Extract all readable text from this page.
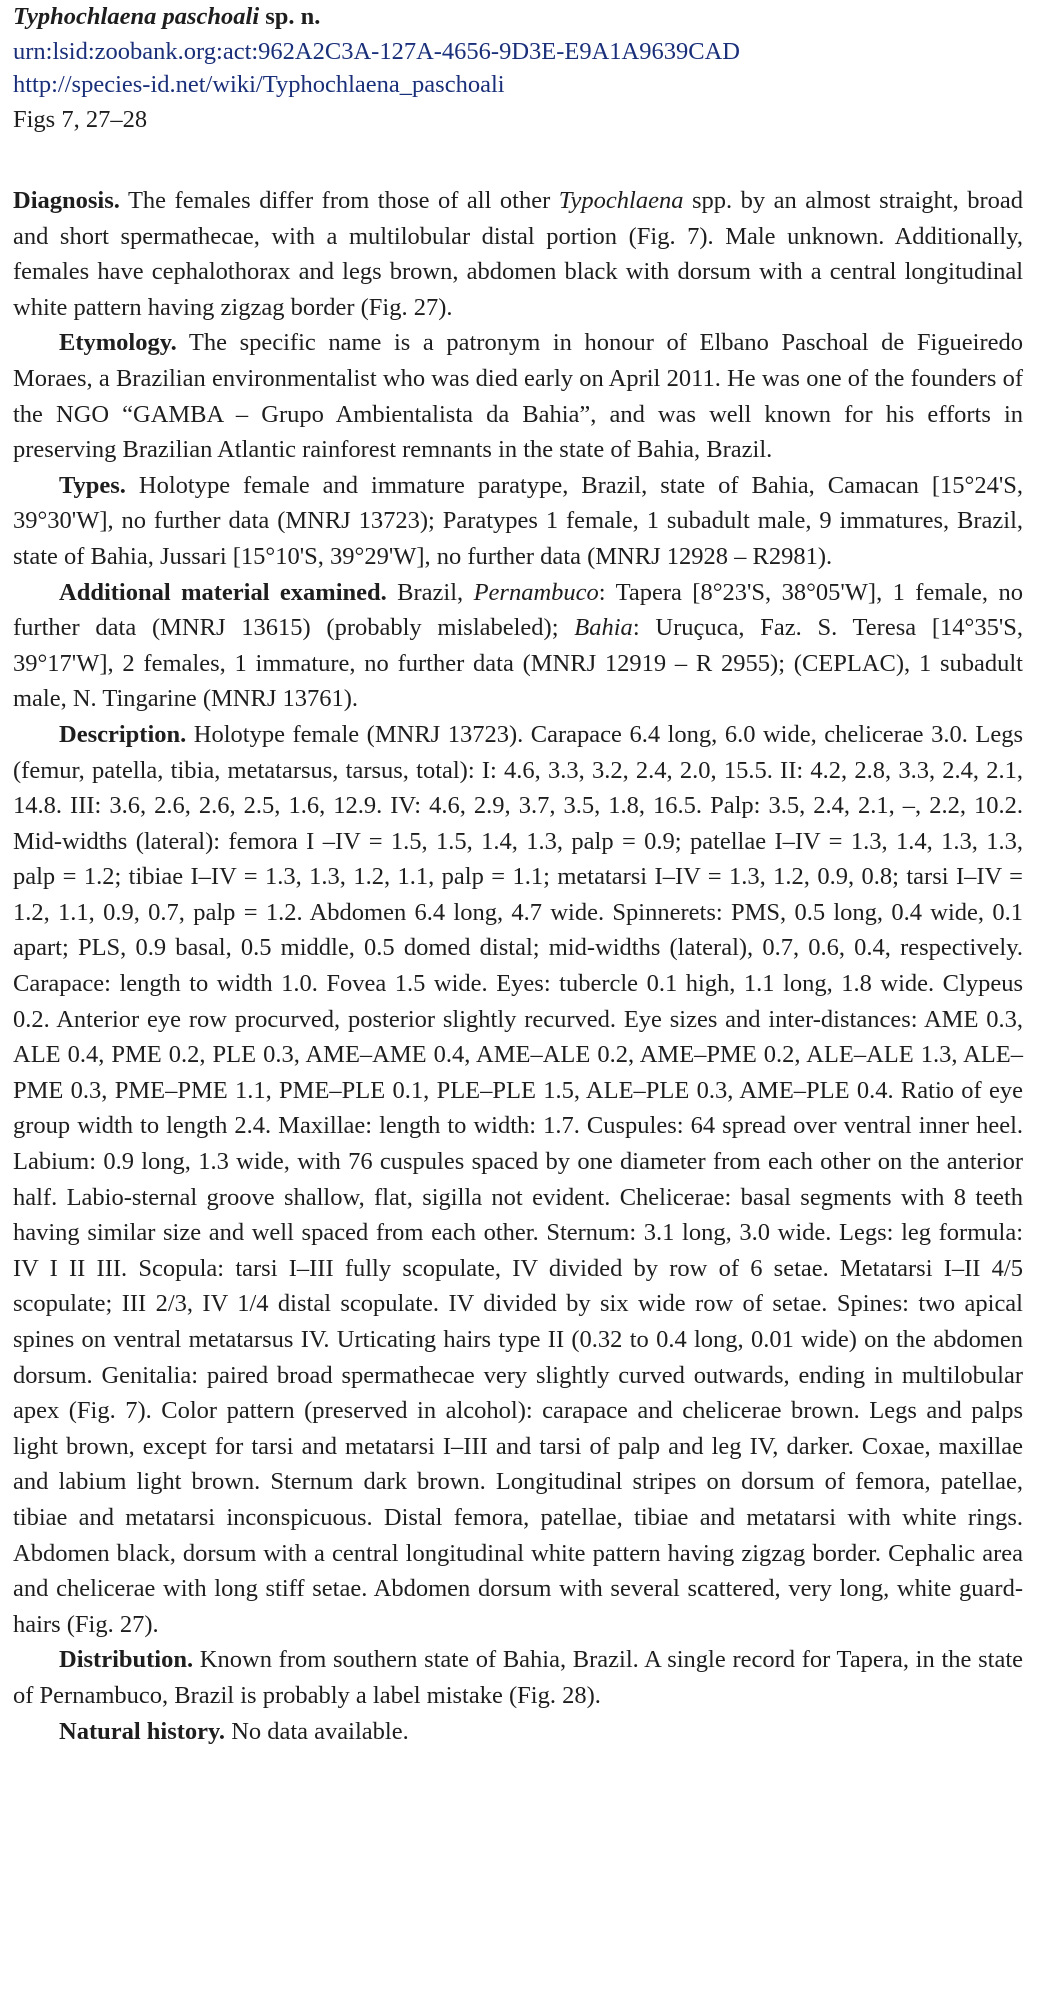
Typhochlaena paschoali sp. n.
urn:lsid:zoobank.org:act:962A2C3A-127A-4656-9D3E-E9A1A9639CAD
http://species-id.net/wiki/Typhochlaena_paschoali
Figs 7, 27–28

Diagnosis. The females differ from those of all other Typochlaena spp. by an almost straight, broad and short spermathecae, with a multilobular distal portion (Fig. 7). Male unknown. Additionally, females have cephalothorax and legs brown, abdomen black with dorsum with a central longitudinal white pattern having zigzag border (Fig. 27).

Etymology. The specific name is a patronym in honour of Elbano Paschoal de Figueiredo Moraes, a Brazilian environmentalist who was died early on April 2011. He was one of the founders of the NGO “GAMBA – Grupo Ambientalista da Bahia”, and was well known for his efforts in preserving Brazilian Atlantic rainforest remnants in the state of Bahia, Brazil.

Types. Holotype female and immature paratype, Brazil, state of Bahia, Camacan [15°24'S, 39°30'W], no further data (MNRJ 13723); Paratypes 1 female, 1 subadult male, 9 immatures, Brazil, state of Bahia, Jussari [15°10'S, 39°29'W], no further data (MNRJ 12928 – R2981).

Additional material examined. Brazil, Pernambuco: Tapera [8°23'S, 38°05'W], 1 female, no further data (MNRJ 13615) (probably mislabeled); Bahia: Uruçuca, Faz. S. Teresa [14°35'S, 39°17'W], 2 females, 1 immature, no further data (MNRJ 12919 – R 2955); (CEPLAC), 1 subadult male, N. Tingarine (MNRJ 13761).

Description. Holotype female (MNRJ 13723). Carapace 6.4 long, 6.0 wide, chelicerae 3.0. Legs (femur, patella, tibia, metatarsus, tarsus, total): I: 4.6, 3.3, 3.2, 2.4, 2.0, 15.5. II: 4.2, 2.8, 3.3, 2.4, 2.1, 14.8. III: 3.6, 2.6, 2.6, 2.5, 1.6, 12.9. IV: 4.6, 2.9, 3.7, 3.5, 1.8, 16.5. Palp: 3.5, 2.4, 2.1, –, 2.2, 10.2. Mid-widths (lateral): femora I –IV = 1.5, 1.5, 1.4, 1.3, palp = 0.9; patellae I–IV = 1.3, 1.4, 1.3, 1.3, palp = 1.2; tibiae I–IV = 1.3, 1.3, 1.2, 1.1, palp = 1.1; metatarsi I–IV = 1.3, 1.2, 0.9, 0.8; tarsi I–IV = 1.2, 1.1, 0.9, 0.7, palp = 1.2. Abdomen 6.4 long, 4.7 wide. Spinnerets: PMS, 0.5 long, 0.4 wide, 0.1 apart; PLS, 0.9 basal, 0.5 middle, 0.5 domed distal; mid-widths (lateral), 0.7, 0.6, 0.4, respectively. Carapace: length to width 1.0. Fovea 1.5 wide. Eyes: tubercle 0.1 high, 1.1 long, 1.8 wide. Clypeus 0.2. Anterior eye row procurved, posterior slightly recurved. Eye sizes and inter-distances: AME 0.3, ALE 0.4, PME 0.2, PLE 0.3, AME–AME 0.4, AME–ALE 0.2, AME–PME 0.2, ALE–ALE 1.3, ALE–PME 0.3, PME–PME 1.1, PME–PLE 0.1, PLE–PLE 1.5, ALE–PLE 0.3, AME–PLE 0.4. Ratio of eye group width to length 2.4. Maxillae: length to width: 1.7. Cuspules: 64 spread over ventral inner heel. Labium: 0.9 long, 1.3 wide, with 76 cuspules spaced by one diameter from each other on the anterior half. Labio-sternal groove shallow, flat, sigilla not evident. Chelicerae: basal segments with 8 teeth having similar size and well spaced from each other. Sternum: 3.1 long, 3.0 wide. Legs: leg formula: IV I II III. Scopula: tarsi I–III fully scopulate, IV divided by row of 6 setae. Metatarsi I–II 4/5 scopulate; III 2/3, IV 1/4 distal scopulate. IV divided by six wide row of setae. Spines: two apical spines on ventral metatarsus IV. Urticating hairs type II (0.32 to 0.4 long, 0.01 wide) on the abdomen dorsum. Genitalia: paired broad spermathecae very slightly curved outwards, ending in multilobular apex (Fig. 7). Color pattern (preserved in alcohol): carapace and chelicerae brown. Legs and palps light brown, except for tarsi and metatarsi I–III and tarsi of palp and leg IV, darker. Coxae, maxillae and labium light brown. Sternum dark brown. Longitudinal stripes on dorsum of femora, patellae, tibiae and metatarsi inconspicuous. Distal femora, patellae, tibiae and metatarsi with white rings. Abdomen black, dorsum with a central longitudinal white pattern having zigzag border. Cephalic area and chelicerae with long stiff setae. Abdomen dorsum with several scattered, very long, white guard-hairs (Fig. 27).

Distribution. Known from southern state of Bahia, Brazil. A single record for Tapera, in the state of Pernambuco, Brazil is probably a label mistake (Fig. 28).

Natural history. No data available.
